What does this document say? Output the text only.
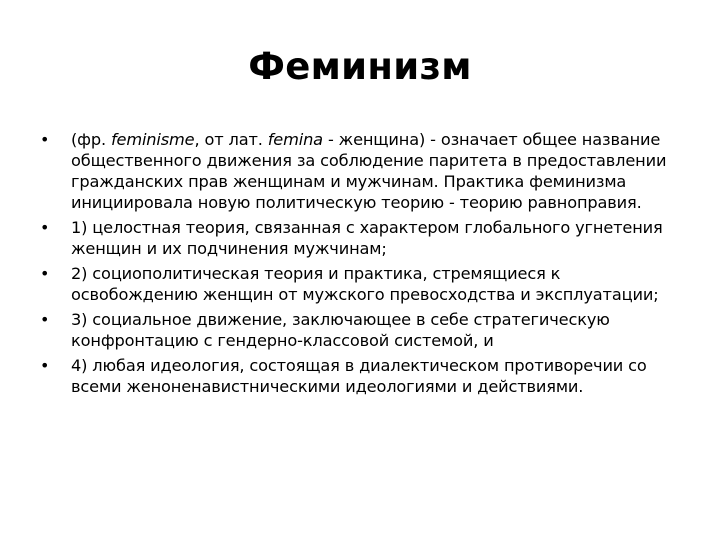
Феминизм
• (фр. feminisme, от лат. femina - женщина) - означает общее название общественного движения за соблюдение паритета в предоставлении гражданских прав женщинам и мужчинам. Практика феминизма инициировала новую политическую теорию - теорию равноправия.
• 1) целостная теория, связанная с характером глобального угнетения женщин и их подчинения мужчинам;
• 2) социополитическая теория и практика, стремящиеся к освобождению женщин от мужского превосходства и эксплуатации;
• 3) социальное движение, заключающее в себе стратегическую конфронтацию с гендерно-классовой системой, и
• 4) любая идеология, состоящая в диалектическом противоречии со всеми женоненавистническими идеологиями и действиями.
